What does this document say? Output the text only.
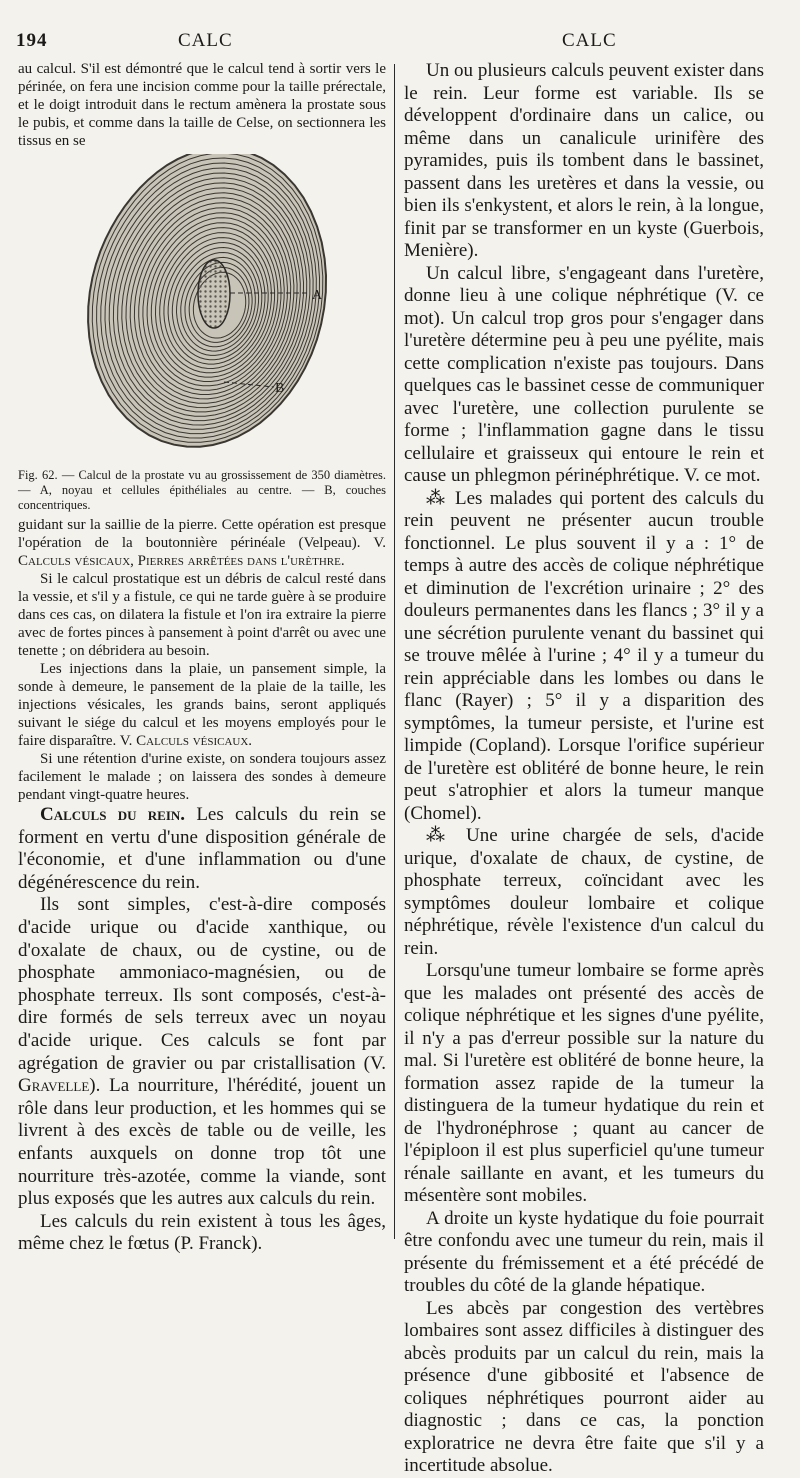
194	CALC	CALC

au calcul. S'il est démontré que le calcul tend à sortir vers le périnée, on fera une incision comme pour la taille prérectale, et le doigt introduit dans le rectum amènera la prostate sous le pubis, et comme dans la taille de Celse, on sectionnera les tissus en se

A
B

Fig. 62. — Calcul de la prostate vu au grossissement de 350 diamètres. — A, noyau et cellules épithéliales au centre. — B, couches concentriques.

guidant sur la saillie de la pierre. Cette opération est presque l'opération de la boutonnière périnéale (Velpeau). V. Calculs vésicaux, Pierres arrêtées dans l'urèthre.

Si le calcul prostatique est un débris de calcul resté dans la vessie, et s'il y a fistule, ce qui ne tarde guère à se produire dans ces cas, on dilatera la fistule et l'on ira extraire la pierre avec de fortes pinces à pansement à point d'arrêt ou avec une tenette ; on débridera au besoin.

Les injections dans la plaie, un pansement simple, la sonde à demeure, le pansement de la plaie de la taille, les injections vésicales, les grands bains, seront appliqués suivant le siége du calcul et les moyens employés pour le faire disparaître. V. Calculs vésicaux.

Si une rétention d'urine existe, on sondera toujours assez facilement le malade ; on laissera des sondes à demeure pendant vingt-quatre heures.

Calculs du rein. Les calculs du rein se forment en vertu d'une disposition générale de l'économie, et d'une inflammation ou d'une dégénérescence du rein.

Ils sont simples, c'est-à-dire composés d'acide urique ou d'acide xanthique, ou d'oxalate de chaux, ou de cystine, ou de phosphate ammoniaco-magnésien, ou de phosphate terreux. Ils sont composés, c'est-à-dire formés de sels terreux avec un noyau d'acide urique. Ces calculs se font par agrégation de gravier ou par cristallisation (V. Gravelle). La nourriture, l'hérédité, jouent un rôle dans leur production, et les hommes qui se livrent à des excès de table ou de veille, les enfants auxquels on donne trop tôt une nourriture très-azotée, comme la viande, sont plus exposés que les autres aux calculs du rein.

Les calculs du rein existent à tous les âges, même chez le fœtus (P. Franck).

Un ou plusieurs calculs peuvent exister dans le rein. Leur forme est variable. Ils se développent d'ordinaire dans un calice, ou même dans un canalicule urinifère des pyramides, puis ils tombent dans le bassinet, passent dans les uretères et dans la vessie, ou bien ils s'enkystent, et alors le rein, à la longue, finit par se transformer en un kyste (Guerbois, Menière).

Un calcul libre, s'engageant dans l'uretère, donne lieu à une colique néphrétique (V. ce mot). Un calcul trop gros pour s'engager dans l'uretère détermine peu à peu une pyélite, mais cette complication n'existe pas toujours. Dans quelques cas le bassinet cesse de communiquer avec l'uretère, une collection purulente se forme ; l'inflammation gagne dans le tissu cellulaire et graisseux qui entoure le rein et cause un phlegmon périnéphrétique. V. ce mot.

⁂ Les malades qui portent des calculs du rein peuvent ne présenter aucun trouble fonctionnel. Le plus souvent il y a : 1° de temps à autre des accès de colique néphrétique et diminution de l'excrétion urinaire ; 2° des douleurs permanentes dans les flancs ; 3° il y a une sécrétion purulente venant du bassinet qui se trouve mêlée à l'urine ; 4° il y a tumeur du rein appréciable dans les lombes ou dans le flanc (Rayer) ; 5° il y a disparition des symptômes, la tumeur persiste, et l'urine est limpide (Copland). Lorsque l'orifice supérieur de l'uretère est oblitéré de bonne heure, le rein peut s'atrophier et alors la tumeur manque (Chomel).

⁂ Une urine chargée de sels, d'acide urique, d'oxalate de chaux, de cystine, de phosphate terreux, coïncidant avec les symptômes douleur lombaire et colique néphrétique, révèle l'existence d'un calcul du rein.

Lorsqu'une tumeur lombaire se forme après que les malades ont présenté des accès de colique néphrétique et les signes d'une pyélite, il n'y a pas d'erreur possible sur la nature du mal. Si l'uretère est oblitéré de bonne heure, la formation assez rapide de la tumeur la distinguera de la tumeur hydatique du rein et de l'hydronéphrose ; quant au cancer de l'épiploon il est plus superficiel qu'une tumeur rénale saillante en avant, et les tumeurs du mésentère sont mobiles.

A droite un kyste hydatique du foie pourrait être confondu avec une tumeur du rein, mais il présente du frémissement et a été précédé de troubles du côté de la glande hépatique.

Les abcès par congestion des vertèbres lombaires sont assez difficiles à distinguer des abcès produits par un calcul du rein, mais la présence d'une gibbosité et l'absence de coliques néphrétiques pourront aider au diagnostic ; dans ce cas, la ponction exploratrice ne devra être faite que s'il y a incertitude absolue.
